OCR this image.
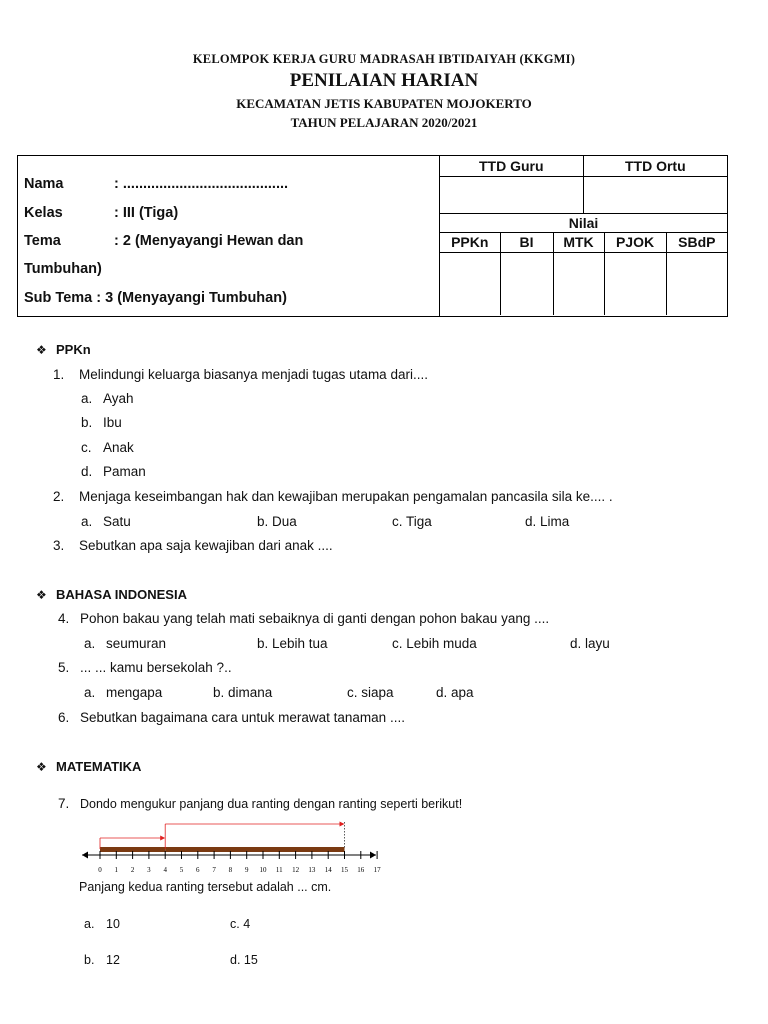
KELOMPOK KERJA GURU MADRASAH IBTIDAIYAH (KKGMI)
PENILAIAN HARIAN
KECAMATAN JETIS KABUPATEN MOJOKERTO
TAHUN PELAJARAN 2020/2021
Nama	: .........................................
Kelas	: III (Tiga)
Tema	: 2 (Menyayangi Hewan dan
Tumbuhan)
Sub Tema : 3 (Menyayangi Tumbuhan)
TTD Guru			TTD Ortu		

Nilai					
PPKn	BI	MTK		PJOK	SBdP

❖ PPKn
1. Melindungi keluarga biasanya menjadi tugas utama dari....
a. Ayah
b. Ibu
c. Anak
d. Paman
2. Menjaga keseimbangan hak dan kewajiban merupakan pengamalan pancasila sila ke.... .
a. Satu	b. Dua	c. Tiga	d. Lima
3. Sebutkan apa saja kewajiban dari anak ....
❖ BAHASA INDONESIA
4. Pohon bakau yang telah mati sebaiknya di ganti dengan pohon bakau yang ....
a. seumuran	b. Lebih tua	c. Lebih muda	d. layu
5. ... ... kamu bersekolah ?..
a. mengapa	b. dimana	c. siapa	d. apa
6. Sebutkan bagaimana cara untuk merawat tanaman ....
❖ MATEMATIKA
7. Dondo mengukur panjang dua ranting dengan ranting seperti berikut!
0 1 2 3 4 5 6 7 8 9 10 11 12 13 14 15 16 17
Panjang kedua ranting tersebut adalah ... cm.
a. 10	c. 4
b. 12	d. 15
